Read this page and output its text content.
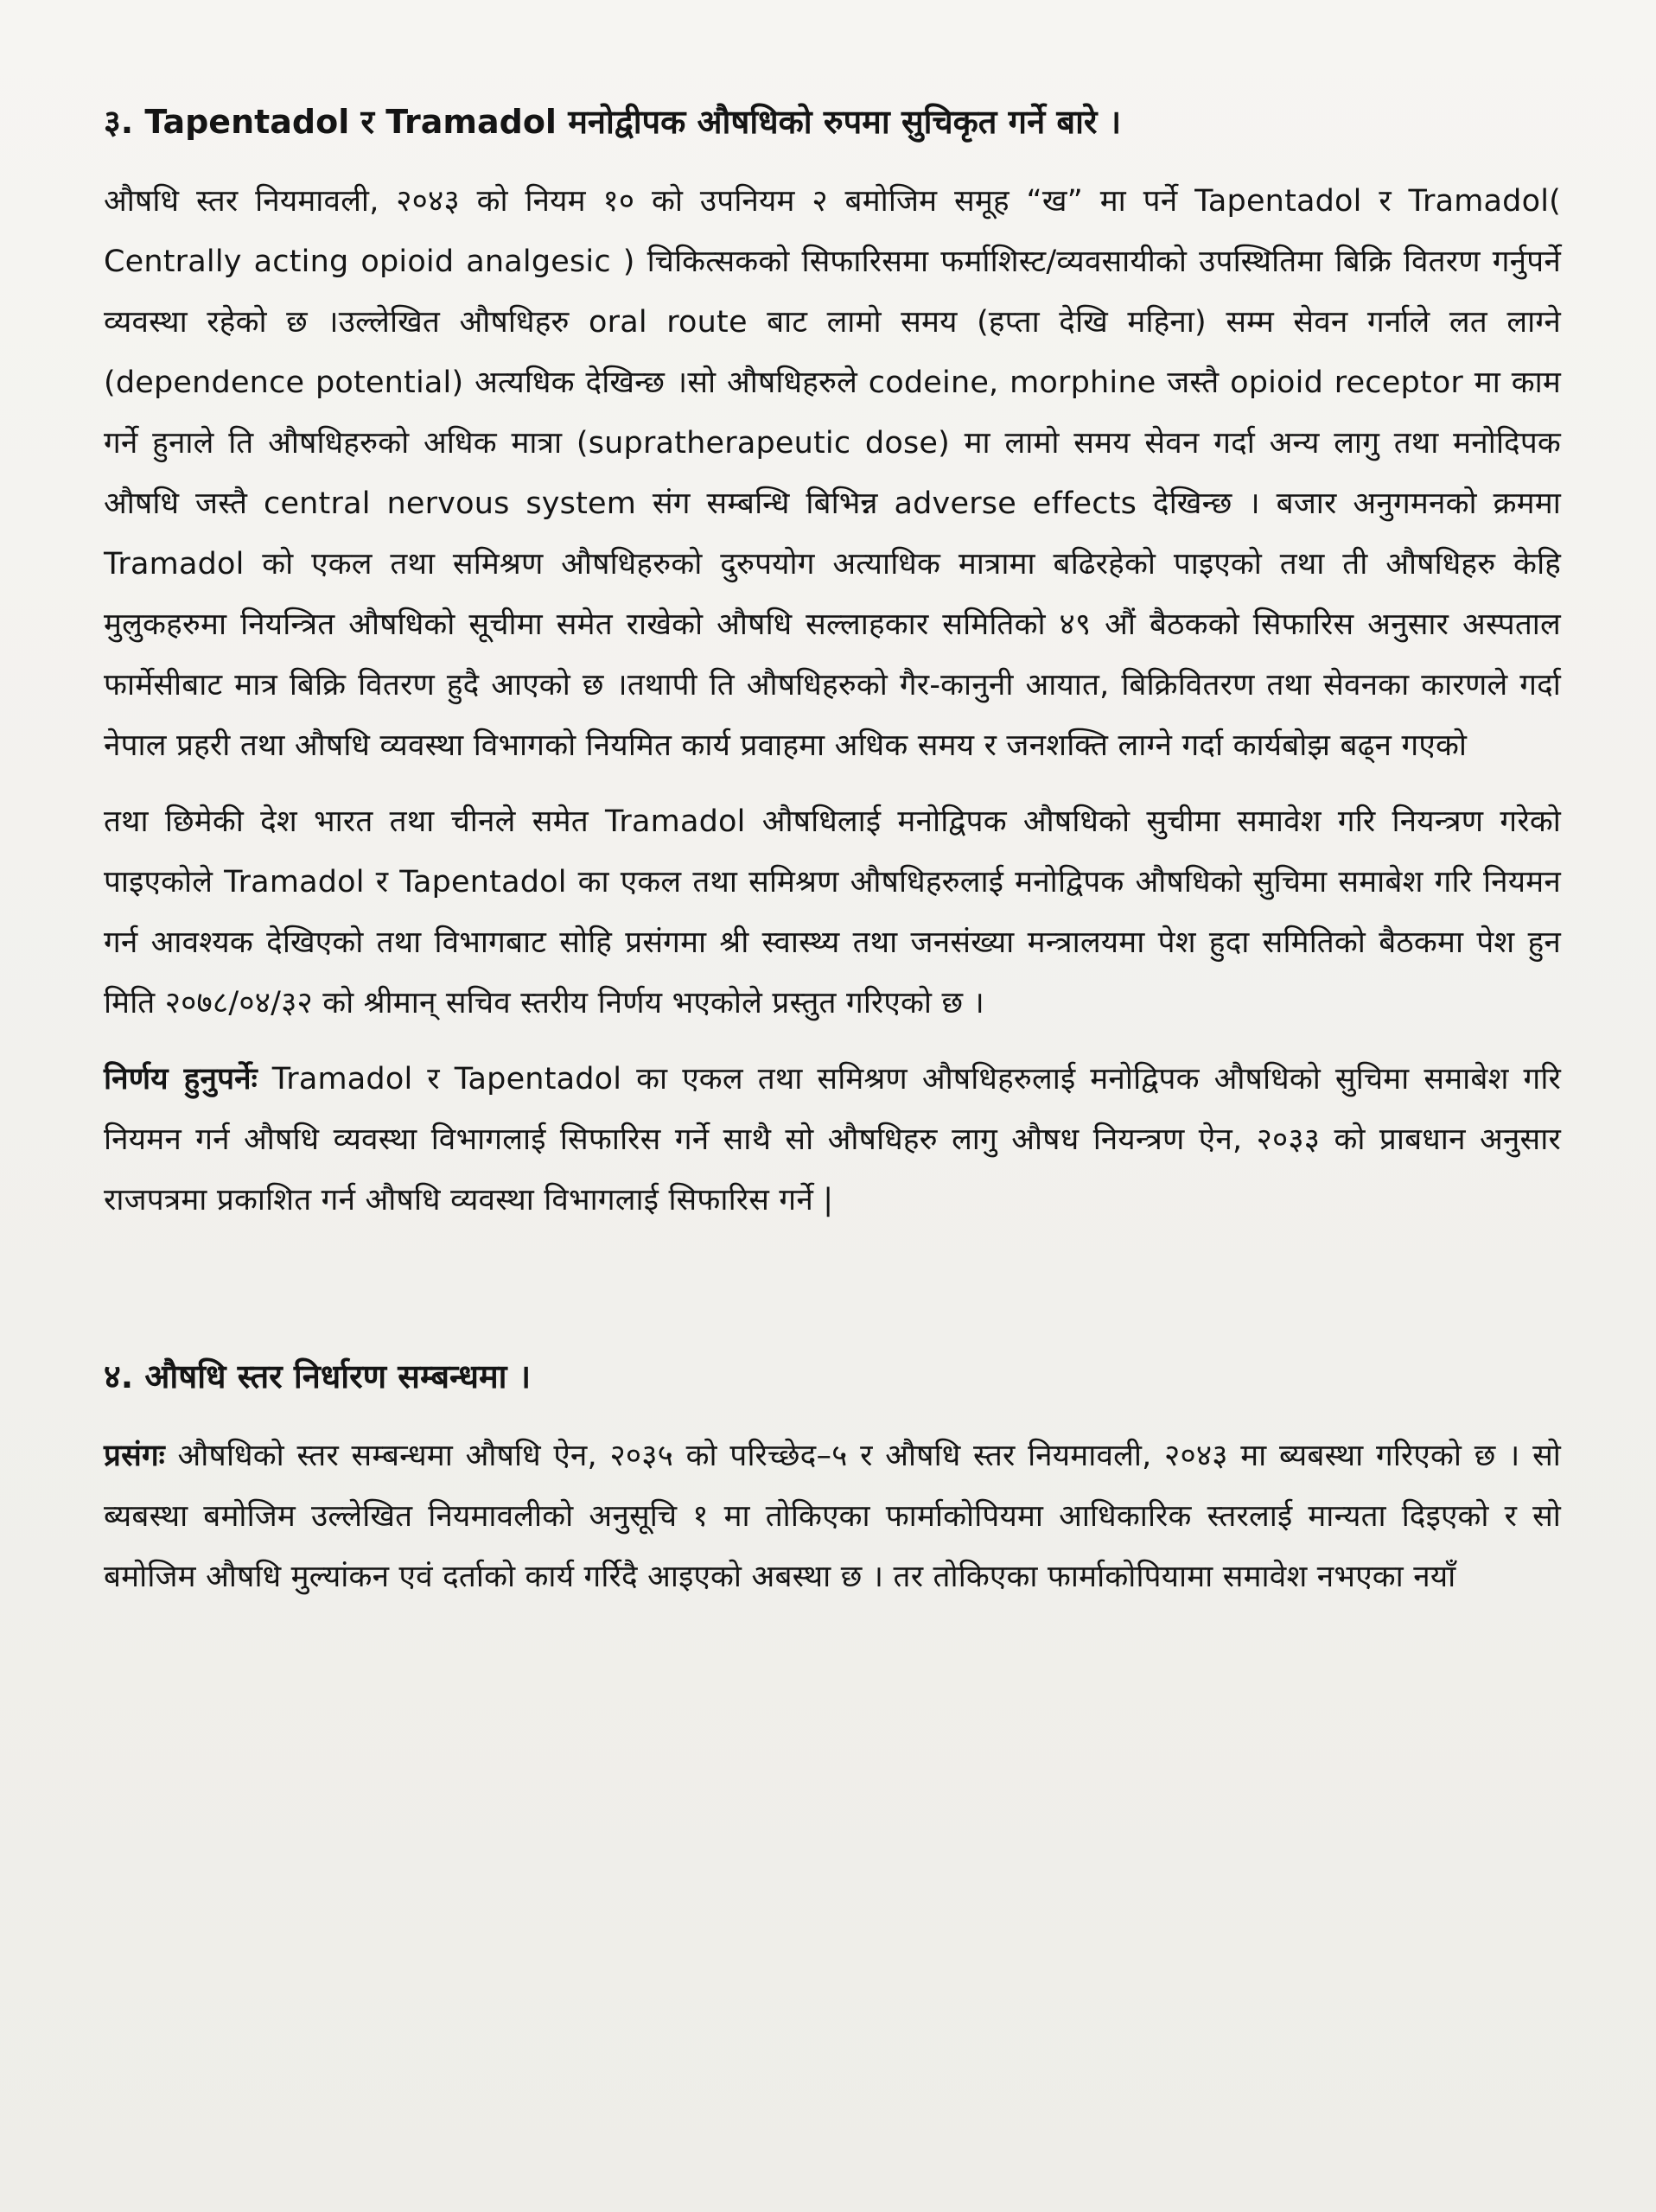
३. Tapentadol र Tramadol मनोद्वीपक औषधिको रुपमा सुचिकृत गर्ने बारे ।

औषधि स्तर नियमावली, २०४३ को नियम १० को उपनियम २ बमोजिम समूह “ख” मा पर्ने Tapentadol र Tramadol( Centrally acting opioid analgesic ) चिकित्सकको सिफारिसमा फर्माशिस्ट/व्यवसायीको उपस्थितिमा बिक्रि वितरण गर्नुपर्ने व्यवस्था रहेको छ ।उल्लेखित औषधिहरु oral route बाट लामो समय (हप्ता देखि महिना) सम्म सेवन गर्नाले लत लाग्ने (dependence potential) अत्यधिक देखिन्छ ।सो औषधिहरुले codeine, morphine जस्तै opioid receptor मा काम गर्ने हुनाले ति औषधिहरुको अधिक मात्रा (supratherapeutic dose) मा लामो समय सेवन गर्दा अन्य लागु तथा मनोदिपक औषधि जस्तै central nervous system संग सम्बन्धि बिभिन्न adverse effects देखिन्छ । बजार अनुगमनको क्रममा Tramadol को एकल तथा समिश्रण औषधिहरुको दुरुपयोग अत्याधिक मात्रामा बढिरहेको पाइएको तथा ती औषधिहरु केहि मुलुकहरुमा नियन्त्रित औषधिको सूचीमा समेत राखेको औषधि सल्लाहकार समितिको ४९ औं बैठकको सिफारिस अनुसार अस्पताल फार्मेसीबाट मात्र बिक्रि वितरण हुदै आएको छ ।तथापी ति औषधिहरुको गैर-कानुनी आयात, बिक्रिवितरण तथा सेवनका कारणले गर्दा नेपाल प्रहरी तथा औषधि व्यवस्था विभागको नियमित कार्य प्रवाहमा अधिक समय र जनशक्ति लाग्ने गर्दा कार्यबोझ बढ्न गएको

तथा छिमेकी देश भारत तथा चीनले समेत Tramadol औषधिलाई मनोद्विपक औषधिको सुचीमा समावेश गरि नियन्त्रण गरेको पाइएकोले Tramadol र Tapentadol का एकल तथा समिश्रण औषधिहरुलाई मनोद्विपक औषधिको सुचिमा समाबेश गरि नियमन गर्न आवश्यक देखिएको तथा विभागबाट सोहि प्रसंगमा श्री स्वास्थ्य तथा जनसंख्या मन्त्रालयमा पेश हुदा समितिको बैठकमा पेश हुन मिति २०७८/०४/३२ को श्रीमान् सचिव स्तरीय निर्णय भएकोले प्रस्तुत गरिएको छ ।

निर्णय हुनुपर्नेः Tramadol र Tapentadol का एकल तथा समिश्रण औषधिहरुलाई मनोद्विपक औषधिको सुचिमा समाबेश गरि नियमन गर्न औषधि व्यवस्था विभागलाई सिफारिस गर्ने साथै सो औषधिहरु लागु औषध नियन्त्रण ऐन, २०३३ को प्राबधान अनुसार राजपत्रमा प्रकाशित गर्न औषधि व्यवस्था विभागलाई सिफारिस गर्ने |

४. औषधि स्तर निर्धारण सम्बन्धमा ।

प्रसंगः औषधिको स्तर सम्बन्धमा औषधि ऐन, २०३५ को परिच्छेद–५ र औषधि स्तर नियमावली, २०४३ मा ब्यबस्था गरिएको छ । सो ब्यबस्था बमोजिम उल्लेखित नियमावलीको अनुसूचि १ मा तोकिएका फार्माकोपियमा आधिकारिक स्तरलाई मान्यता दिइएको र सो बमोजिम औषधि मुल्यांकन एवं दर्ताको कार्य गर्रिदै आइएको अबस्था छ । तर तोकिएका फार्माकोपियामा समावेश नभएका नयाँ
